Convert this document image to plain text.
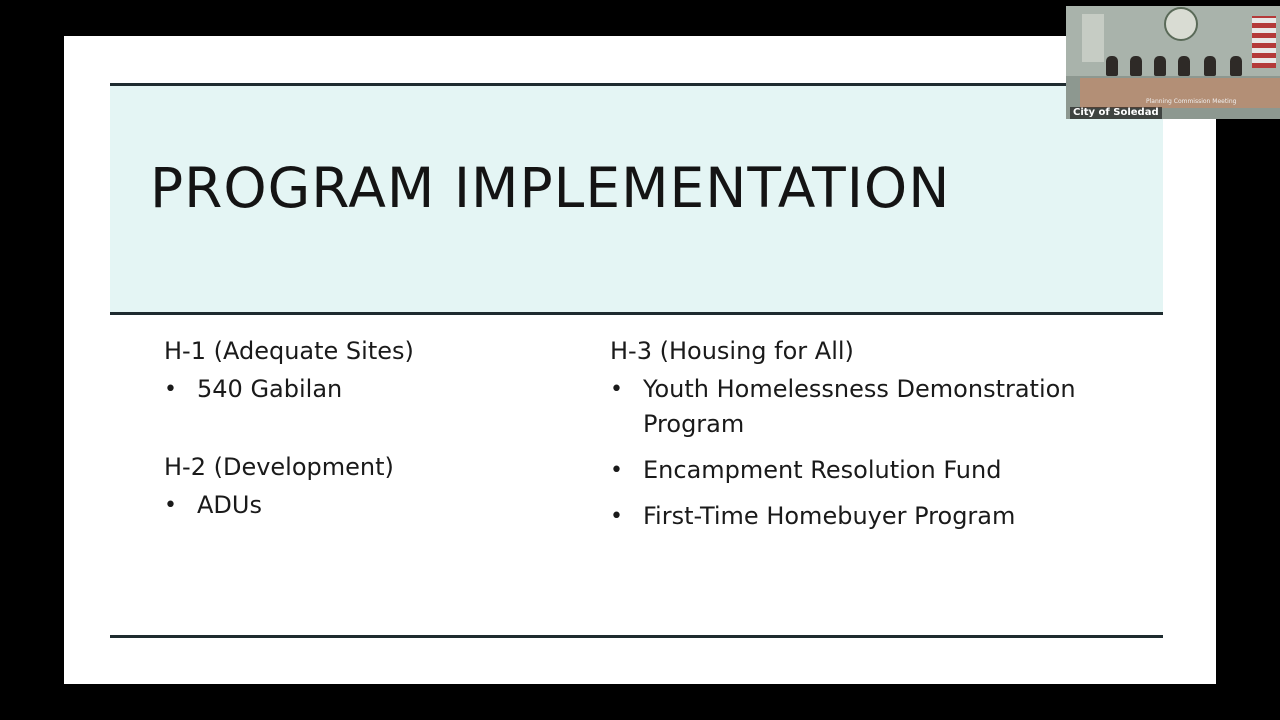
PROGRAM IMPLEMENTATION

H-1 (Adequate Sites)

• 540 Gabilan

H-2 (Development)

• ADUs

H-3 (Housing for All)

• Youth Homelessness Demonstration Program
• Encampment Resolution Fund
• First-Time Homebuyer Program
Planning Commission Meeting
City of Soledad
